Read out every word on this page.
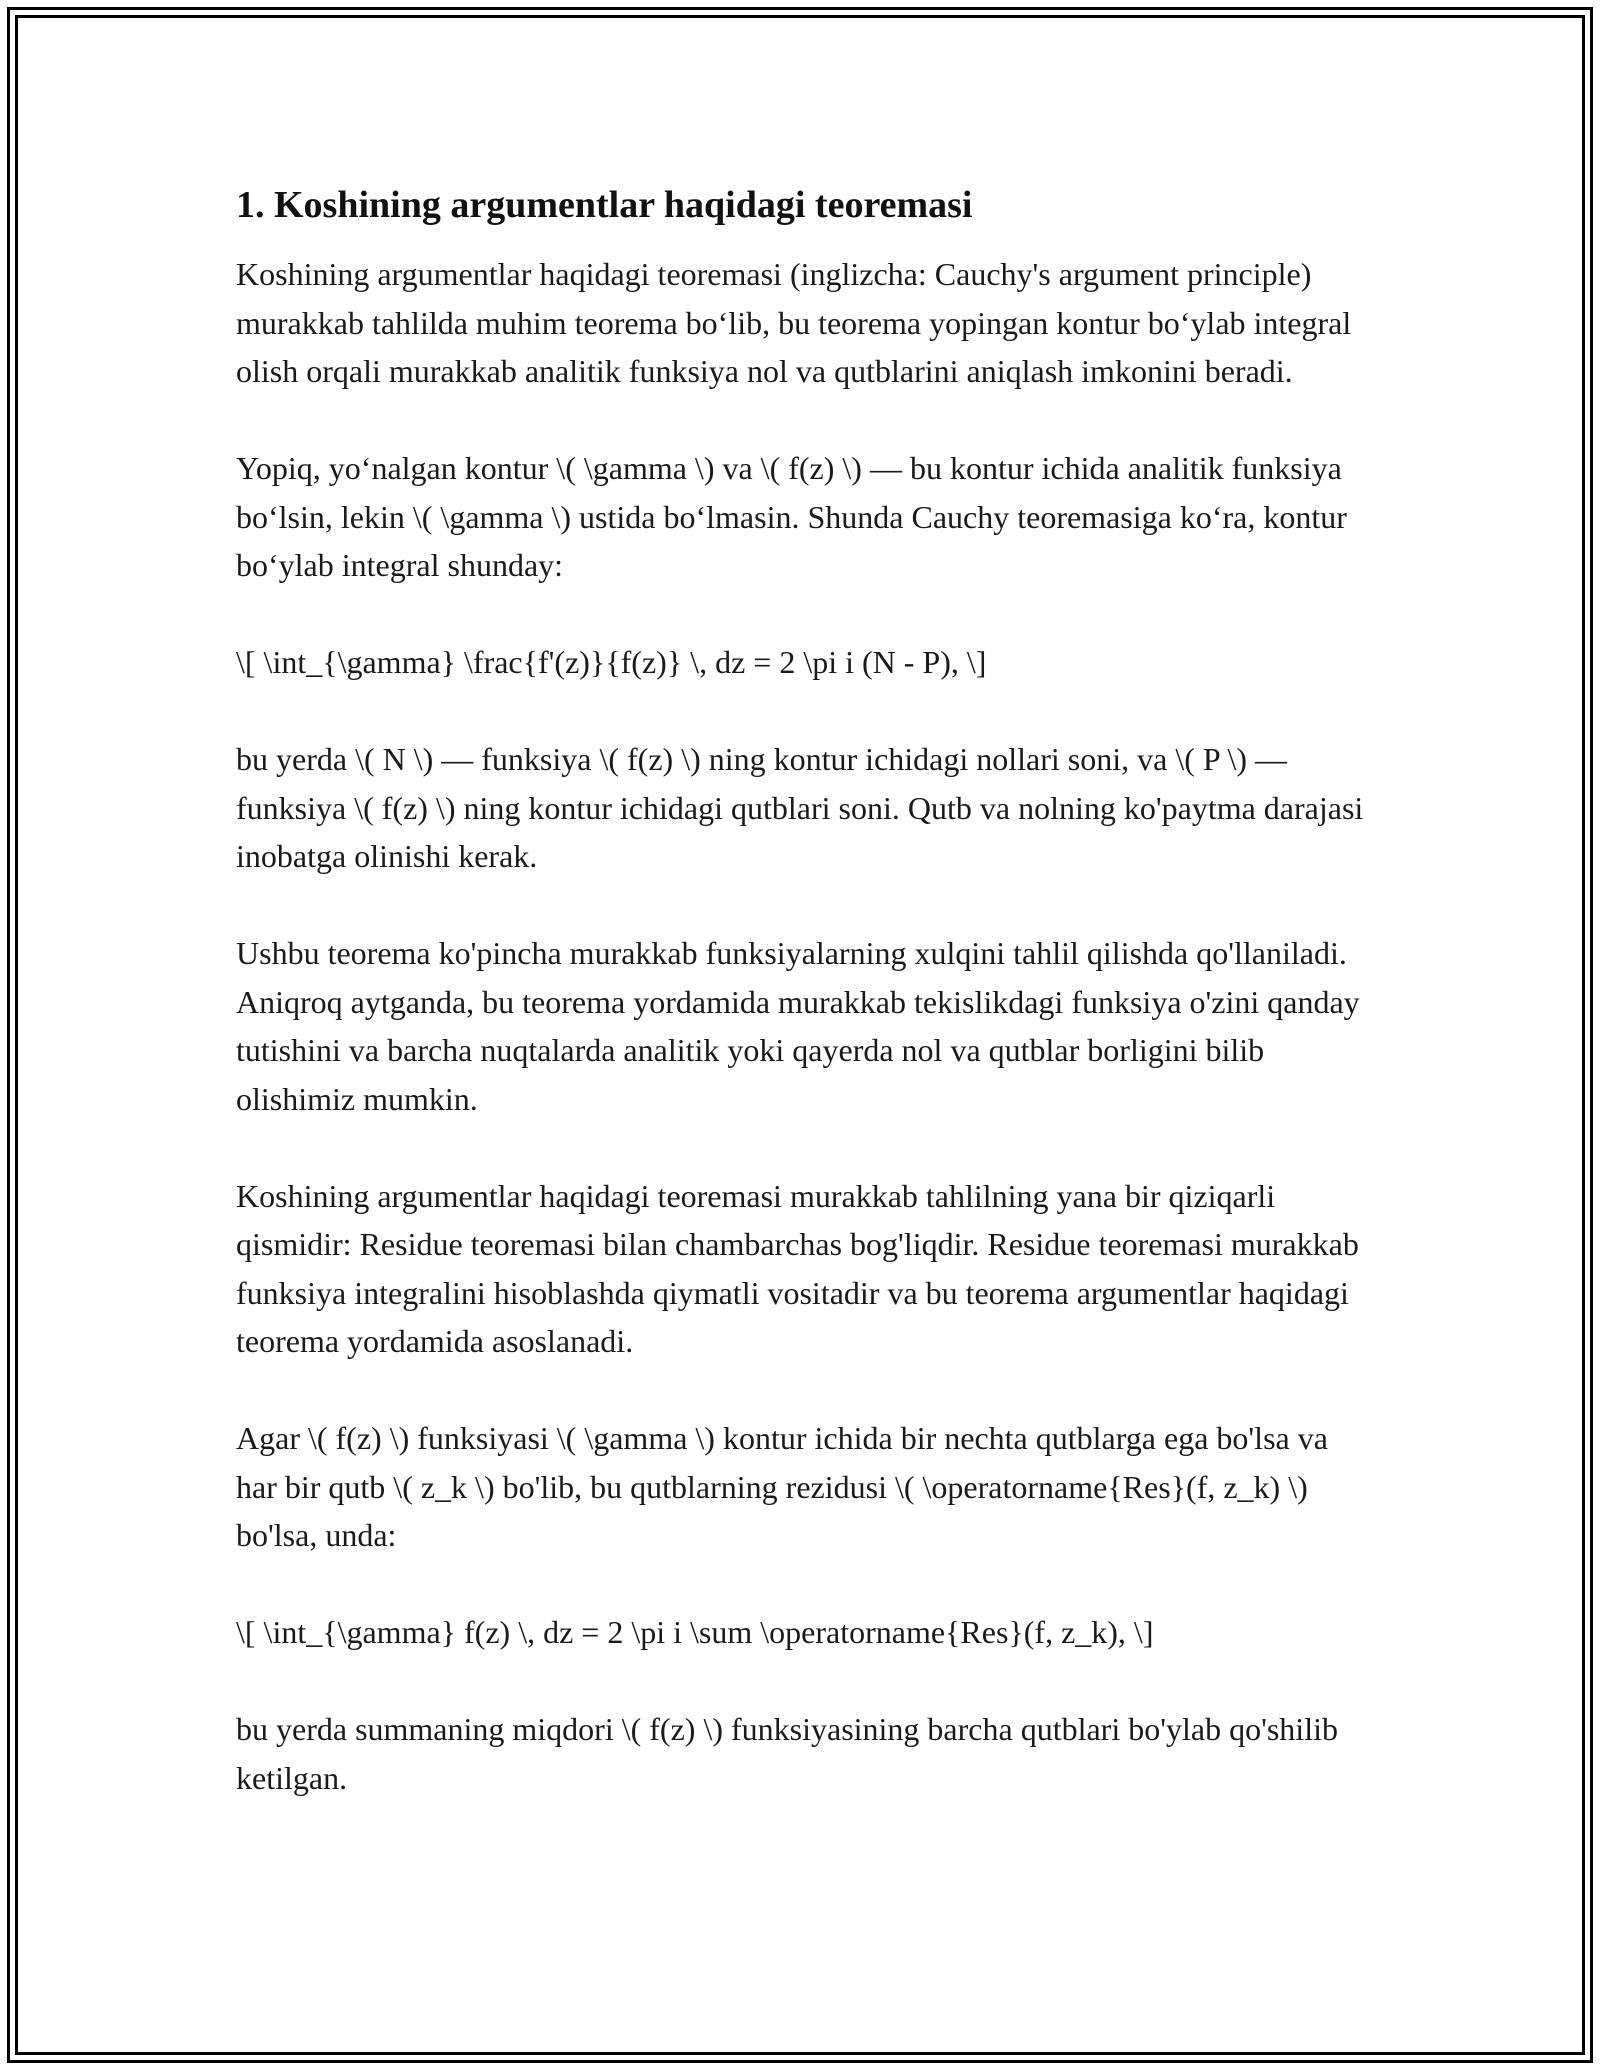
1. Koshining argumentlar haqidagi teoremasi

Koshining argumentlar haqidagi teoremasi (inglizcha: Cauchy's argument principle) murakkab tahlilda muhim teorema bo‘lib, bu teorema yopingan kontur bo‘ylab integral olish orqali murakkab analitik funksiya nol va qutblarini aniqlash imkonini beradi.

Yopiq, yo‘nalgan kontur \( \gamma \) va \( f(z) \) — bu kontur ichida analitik funksiya bo‘lsin, lekin \( \gamma \) ustida bo‘lmasin. Shunda Cauchy teoremasiga ko‘ra, kontur bo‘ylab integral shunday:

\[ \int_{\gamma} \frac{f'(z)}{f(z)} \, dz = 2 \pi i (N - P), \]

bu yerda \( N \) — funksiya \( f(z) \) ning kontur ichidagi nollari soni, va \( P \) — funksiya \( f(z) \) ning kontur ichidagi qutblari soni. Qutb va nolning ko'paytma darajasi inobatga olinishi kerak.

Ushbu teorema ko'pincha murakkab funksiyalarning xulqini tahlil qilishda qo'llaniladi. Aniqroq aytganda, bu teorema yordamida murakkab tekislikdagi funksiya o'zini qanday tutishini va barcha nuqtalarda analitik yoki qayerda nol va qutblar borligini bilib olishimiz mumkin.

Koshining argumentlar haqidagi teoremasi murakkab tahlilning yana bir qiziqarli qismidir: Residue teoremasi bilan chambarchas bog'liqdir. Residue teoremasi murakkab funksiya integralini hisoblashda qiymatli vositadir va bu teorema argumentlar haqidagi teorema yordamida asoslanadi.

Agar \( f(z) \) funksiyasi \( \gamma \) kontur ichida bir nechta qutblarga ega bo'lsa va har bir qutb \( z_k \) bo'lib, bu qutblarning rezidusi \( \operatorname{Res}(f, z_k) \) bo'lsa, unda:

\[ \int_{\gamma} f(z) \, dz = 2 \pi i \sum \operatorname{Res}(f, z_k), \]

bu yerda summaning miqdori \( f(z) \) funksiyasining barcha qutblari bo'ylab qo'shilib ketilgan.
